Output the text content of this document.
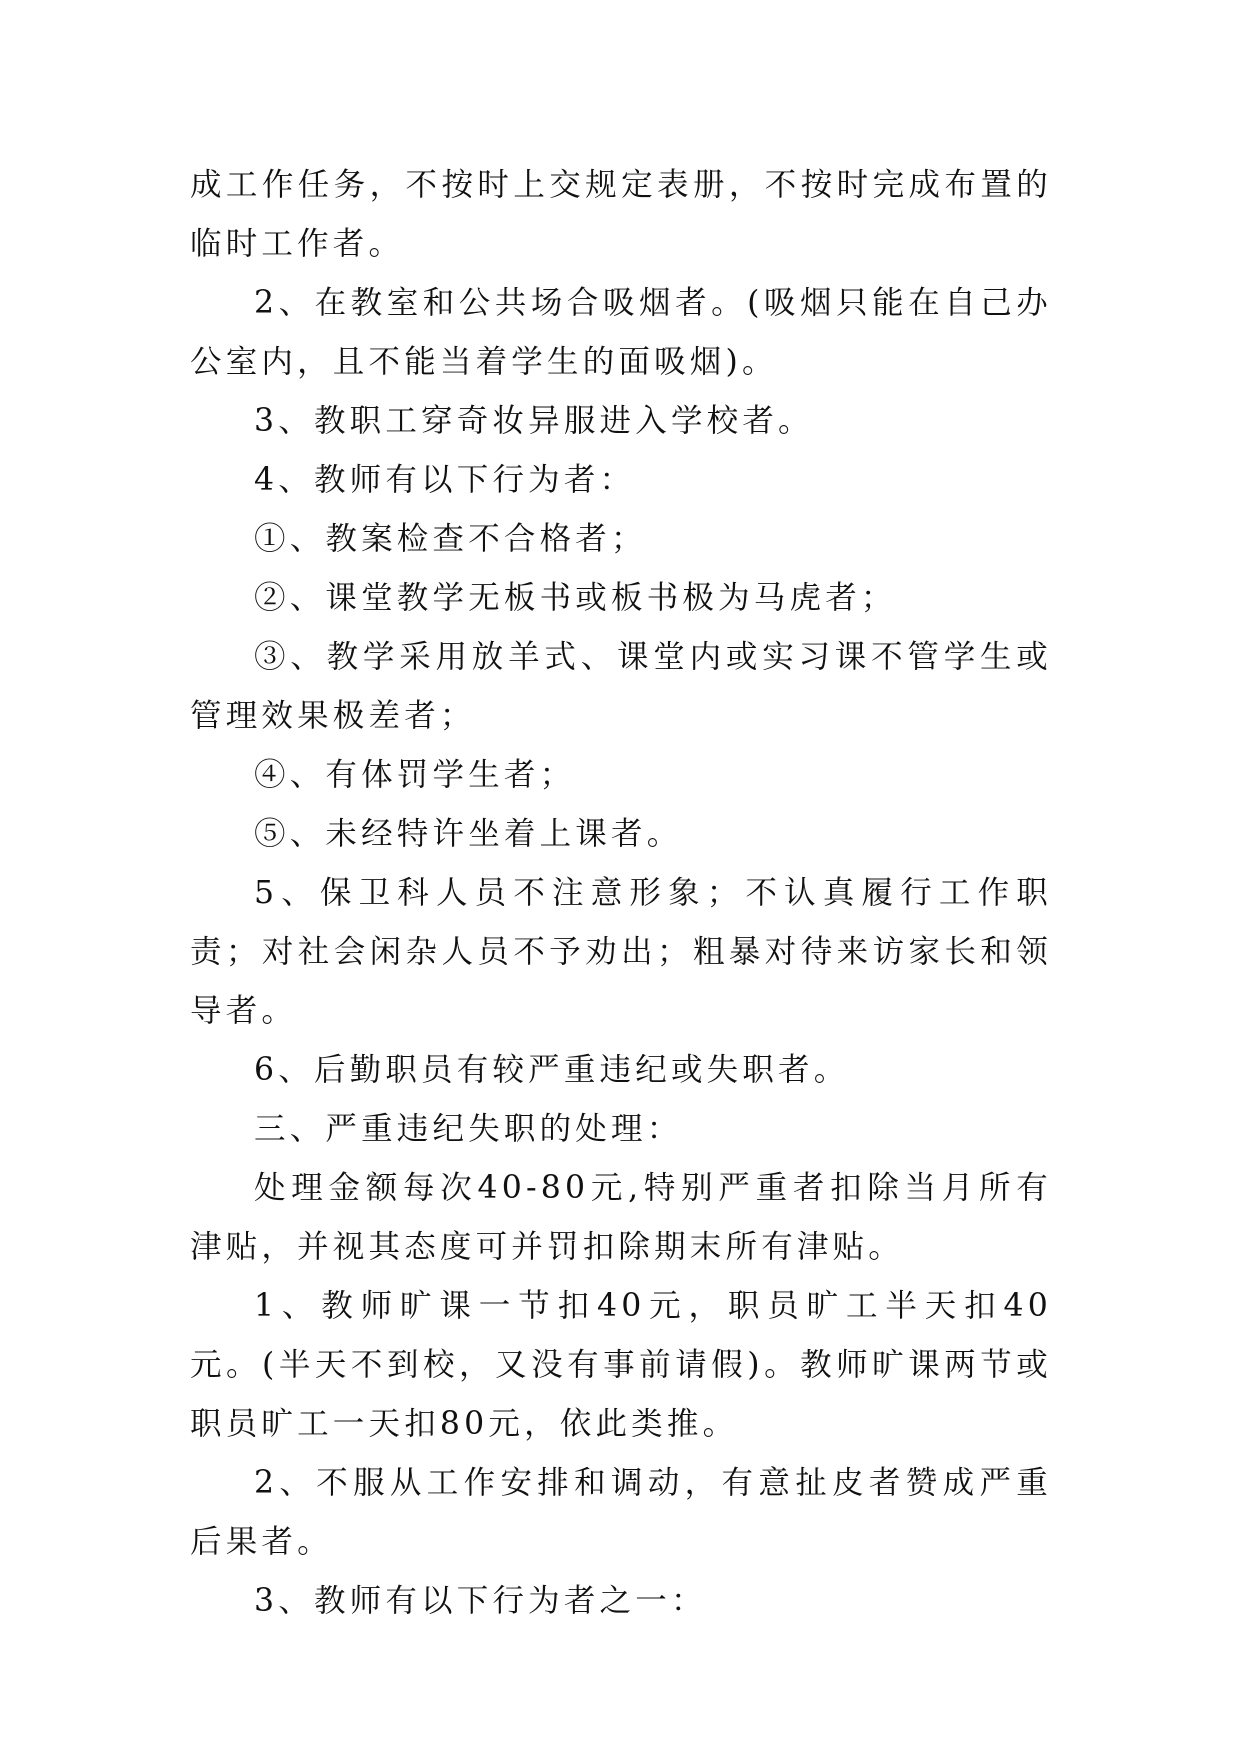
成工作任务，不按时上交规定表册，不按时完成布置的临时工作者。

2、在教室和公共场合吸烟者。(吸烟只能在自己办公室内，且不能当着学生的面吸烟)。

3、教职工穿奇妆异服进入学校者。

4、教师有以下行为者：

①、教案检查不合格者；

②、课堂教学无板书或板书极为马虎者；

③、教学采用放羊式、课堂内或实习课不管学生或管理效果极差者；

④、有体罚学生者；

⑤、未经特许坐着上课者。

5、保卫科人员不注意形象；不认真履行工作职责；对社会闲杂人员不予劝出；粗暴对待来访家长和领导者。

6、后勤职员有较严重违纪或失职者。

三、严重违纪失职的处理：

处理金额每次40-80元,特别严重者扣除当月所有津贴，并视其态度可并罚扣除期末所有津贴。

1、教师旷课一节扣40元，职员旷工半天扣40元。(半天不到校，又没有事前请假)。教师旷课两节或职员旷工一天扣80元，依此类推。

2、不服从工作安排和调动，有意扯皮者赞成严重后果者。

3、教师有以下行为者之一：
